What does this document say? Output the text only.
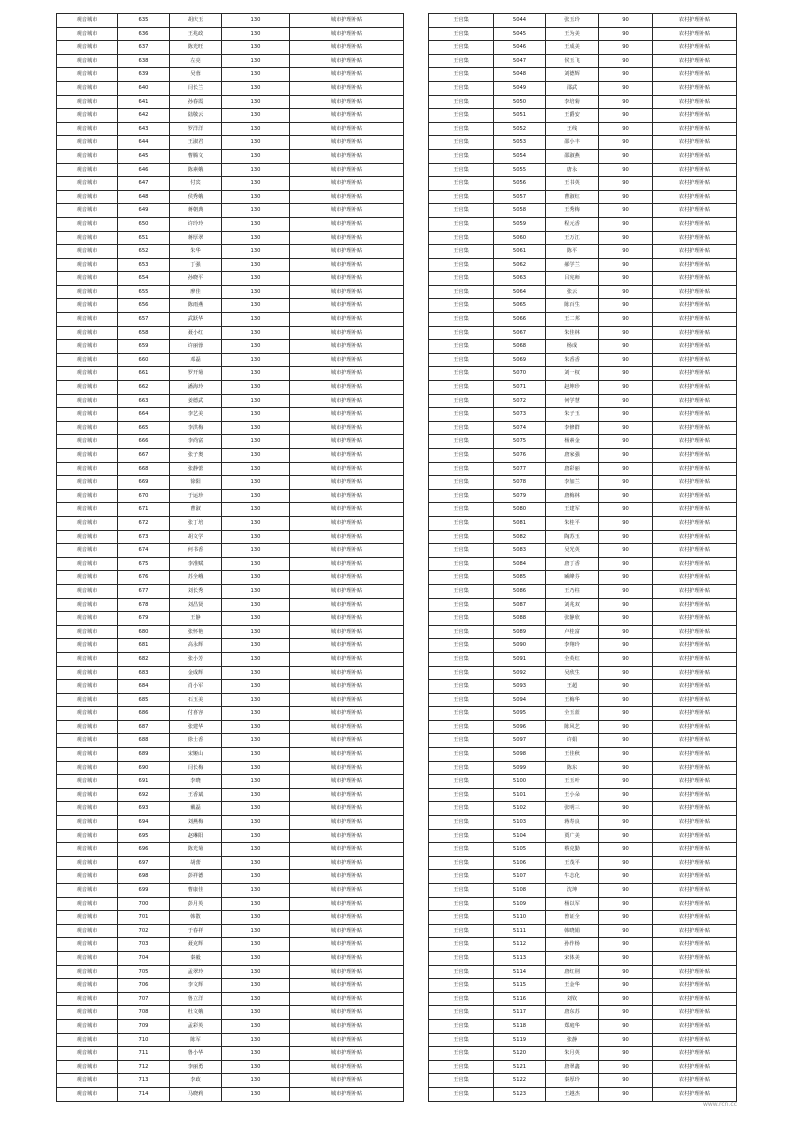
观音城市	635	胡庆玉	130	城市护理补贴
观音城市	636	王兆政	130	城市护理补贴
观音城市	637	陈光旺	130	城市护理补贴
观音城市	638	左亮	130	城市护理补贴
观音城市	639	吴蓉	130	城市护理补贴
观音城市	640	闫长兰	130	城市护理补贴
观音城市	641	孙春霞	130	城市护理补贴
观音城市	642	陆敬云	130	城市护理补贴
观音城市	643	罗洋洋	130	城市护理补贴
观音城市	644	王淑君	130	城市护理补贴
观音城市	645	曹腾文	130	城市护理补贴
观音城市	646	陈素娥	130	城市护理补贴
观音城市	647	付宾	130	城市护理补贴
观音城市	648	侯秀娥	130	城市护理补贴
观音城市	649	蒋朝典	130	城市护理补贴
观音城市	650	许玲玲	130	城市护理补贴
观音城市	651	蒋厚翠	130	城市护理补贴
观音城市	652	朱华	130	城市护理补贴
观音城市	653	丁强	130	城市护理补贴
观音城市	654	孙晓平	130	城市护理补贴
观音城市	655	廖佳	130	城市护理补贴
观音城市	656	陈雨燕	130	城市护理补贴
观音城市	657	武跃华	130	城市护理补贴
观音城市	658	聂小红	130	城市护理补贴
观音城市	659	许丽蓉	130	城市护理补贴
观音城市	660	邓磊	130	城市护理补贴
观音城市	661	罗开菊	130	城市护理补贴
观音城市	662	潘海玲	130	城市护理补贴
观音城市	663	姜德武	130	城市护理补贴
观音城市	664	李艺美	130	城市护理补贴
观音城市	665	李洪梅	130	城市护理补贴
观音城市	666	李尚富	130	城市护理补贴
观音城市	667	张子奥	130	城市护理补贴
观音城市	668	张静蕾	130	城市护理补贴
观音城市	669	徐阳	130	城市护理补贴
观音城市	670	于运珍	130	城市护理补贴
观音城市	671	曹淑	130	城市护理补贴
观音城市	672	张丁培	130	城市护理补贴
观音城市	673	胡文学	130	城市护理补贴
观音城市	674	何书香	130	城市护理补贴
观音城市	675	李准赋	130	城市护理补贴
观音城市	676	苏全峨	130	城市护理补贴
观音城市	677	刘长秀	130	城市护理补贴
观音城市	678	刘昌贤	130	城市护理补贴
观音城市	679	王静	130	城市护理补贴
观音城市	680	张怀艳	130	城市护理补贴
观音城市	681	高永辉	130	城市护理补贴
观音城市	682	张小芳	130	城市护理补贴
观音城市	683	金成辉	130	城市护理补贴
观音城市	684	肖小军	130	城市护理补贴
观音城市	685	石玉美	130	城市护理补贴
观音城市	686	付喜容	130	城市护理补贴
观音城市	687	张建华	130	城市护理补贴
观音城市	688	徐士香	130	城市护理补贴
观音城市	689	宋姬山	130	城市护理补贴
观音城市	690	闫长梅	130	城市护理补贴
观音城市	691	李晓	130	城市护理补贴
观音城市	692	王香斌	130	城市护理补贴
观音城市	693	戴磊	130	城市护理补贴
观音城市	694	刘燕梅	130	城市护理补贴
观音城市	695	赵琳阳	130	城市护理补贴
观音城市	696	陈光菊	130	城市护理补贴
观音城市	697	胡蕾	130	城市护理补贴
观音城市	698	彭祥德	130	城市护理补贴
观音城市	699	曹康佳	130	城市护理补贴
观音城市	700	彭月英	130	城市护理补贴
观音城市	701	韩散	130	城市护理补贴
观音城市	702	于春祥	130	城市护理补贴
观音城市	703	聂克辉	130	城市护理补贴
观音城市	704	秦毅	130	城市护理补贴
观音城市	705	孟翠玲	130	城市护理补贴
观音城市	706	李文辉	130	城市护理补贴
观音城市	707	鲁立洋	130	城市护理补贴
观音城市	708	杜文娥	130	城市护理补贴
观音城市	709	孟彩英	130	城市护理补贴
观音城市	710	陈军	130	城市护理补贴
观音城市	711	鲁小华	130	城市护理补贴
观音城市	712	李丽勇	130	城市护理补贴
观音城市	713	李政	130	城市护理补贴
观音城市	714	马晓莉	130	城市护理补贴
王官集	5044	张玉玲	90	农村护理补贴
王官集	5045	王为美	90	农村护理补贴
王官集	5046	王成美	90	农村护理补贴
王官集	5047	侯玉飞	90	农村护理补贴
王官集	5048	刘德辉	90	农村护理补贴
王官集	5049	邵武	90	农村护理补贴
王官集	5050	李培菊	90	农村护理补贴
王官集	5051	王爵安	90	农村护理补贴
王官集	5052	王线	90	农村护理补贴
王官集	5053	邵小丰	90	农村护理补贴
王官集	5054	邵淑燕	90	农村护理补贴
王官集	5055	唐永	90	农村护理补贴
王官集	5056	王书英	90	农村护理补贴
王官集	5057	曹淑红	90	农村护理补贴
王官集	5058	王秀梅	90	农村护理补贴
王官集	5059	程元香	90	农村护理补贴
王官集	5060	王万江	90	农村护理补贴
王官集	5061	陈平	90	农村护理补贴
王官集	5062	郝学兰	90	农村护理补贴
王官集	5063	吕宪师	90	农村护理补贴
王官集	5064	张云	90	农村护理补贴
王官集	5065	陈百生	90	农村护理补贴
王官集	5066	王二邦	90	农村护理补贴
王官集	5067	朱佳林	90	农村护理补贴
王官集	5068	杨成	90	农村护理补贴
王官集	5069	朱香香	90	农村护理补贴
王官集	5070	刘一权	90	农村护理补贴
王官集	5071	赵坤珍	90	农村护理补贴
王官集	5072	何学慧	90	农村护理补贴
王官集	5073	朱子玉	90	农村护理补贴
王官集	5074	李修群	90	农村护理补贴
王官集	5075	杨素金	90	农村护理补贴
王官集	5076	唐家强	90	农村护理补贴
王官集	5077	唐彩丽	90	农村护理补贴
王官集	5078	李加兰	90	农村护理补贴
王官集	5079	唐梅林	90	农村护理补贴
王官集	5080	王建军	90	农村护理补贴
王官集	5081	朱桂平	90	农村护理补贴
王官集	5082	陶苏玉	90	农村护理补贴
王官集	5083	吴光英	90	农村护理补贴
王官集	5084	唐丁香	90	农村护理补贴
王官集	5085	臧峰芬	90	农村护理补贴
王官集	5086	王乃柱	90	农村护理补贴
王官集	5087	刘兆双	90	农村护理补贴
王官集	5088	张静欣	90	农村护理补贴
王官集	5089	卢桂富	90	农村护理补贴
王官集	5090	李翔玲	90	农村护理补贴
王官集	5091	全英红	90	农村护理补贴
王官集	5092	吴欣生	90	农村护理补贴
王官集	5093	王超	90	农村护理补贴
王官集	5094	王梅华	90	农村护理补贴
王官集	5095	全玉蓝	90	农村护理补贴
王官集	5096	陈风艺	90	农村护理补贴
王官集	5097	许娟	90	农村护理补贴
王官集	5098	王佳秋	90	农村护理补贴
王官集	5099	陈东	90	农村护理补贴
王官集	5100	王玉叶	90	农村护理补贴
王官集	5101	王小朵	90	农村护理补贴
王官集	5102	张明三	90	农村护理补贴
王官集	5103	蒋寿良	90	农村护理补贴
王官集	5104	贾广美	90	农村护理补贴
王官集	5105	蔡克勤	90	农村护理补贴
王官集	5106	王茂平	90	农村护理补贴
王官集	5107	牛志化	90	农村护理补贴
王官集	5108	沈坤	90	农村护理补贴
王官集	5109	杨以军	90	农村护理补贴
王官集	5110	曾证全	90	农村护理补贴
王官集	5111	韩晓娟	90	农村护理补贴
王官集	5112	孙作杨	90	农村护理补贴
王官集	5113	宋体美	90	农村护理补贴
王官集	5114	唐红荆	90	农村护理补贴
王官集	5115	王金华	90	农村护理补贴
王官集	5116	刘钦	90	农村护理补贴
王官集	5117	唐东苏	90	农村护理补贴
王官集	5118	郑庭华	90	农村护理补贴
王官集	5119	张静	90	农村护理补贴
王官集	5120	朱月英	90	农村护理补贴
王官集	5121	唐翠鑫	90	农村护理补贴
王官集	5122	秦厚玲	90	农村护理补贴
王官集	5123	王越杰	90	农村护理补贴
www.rcn.cc
